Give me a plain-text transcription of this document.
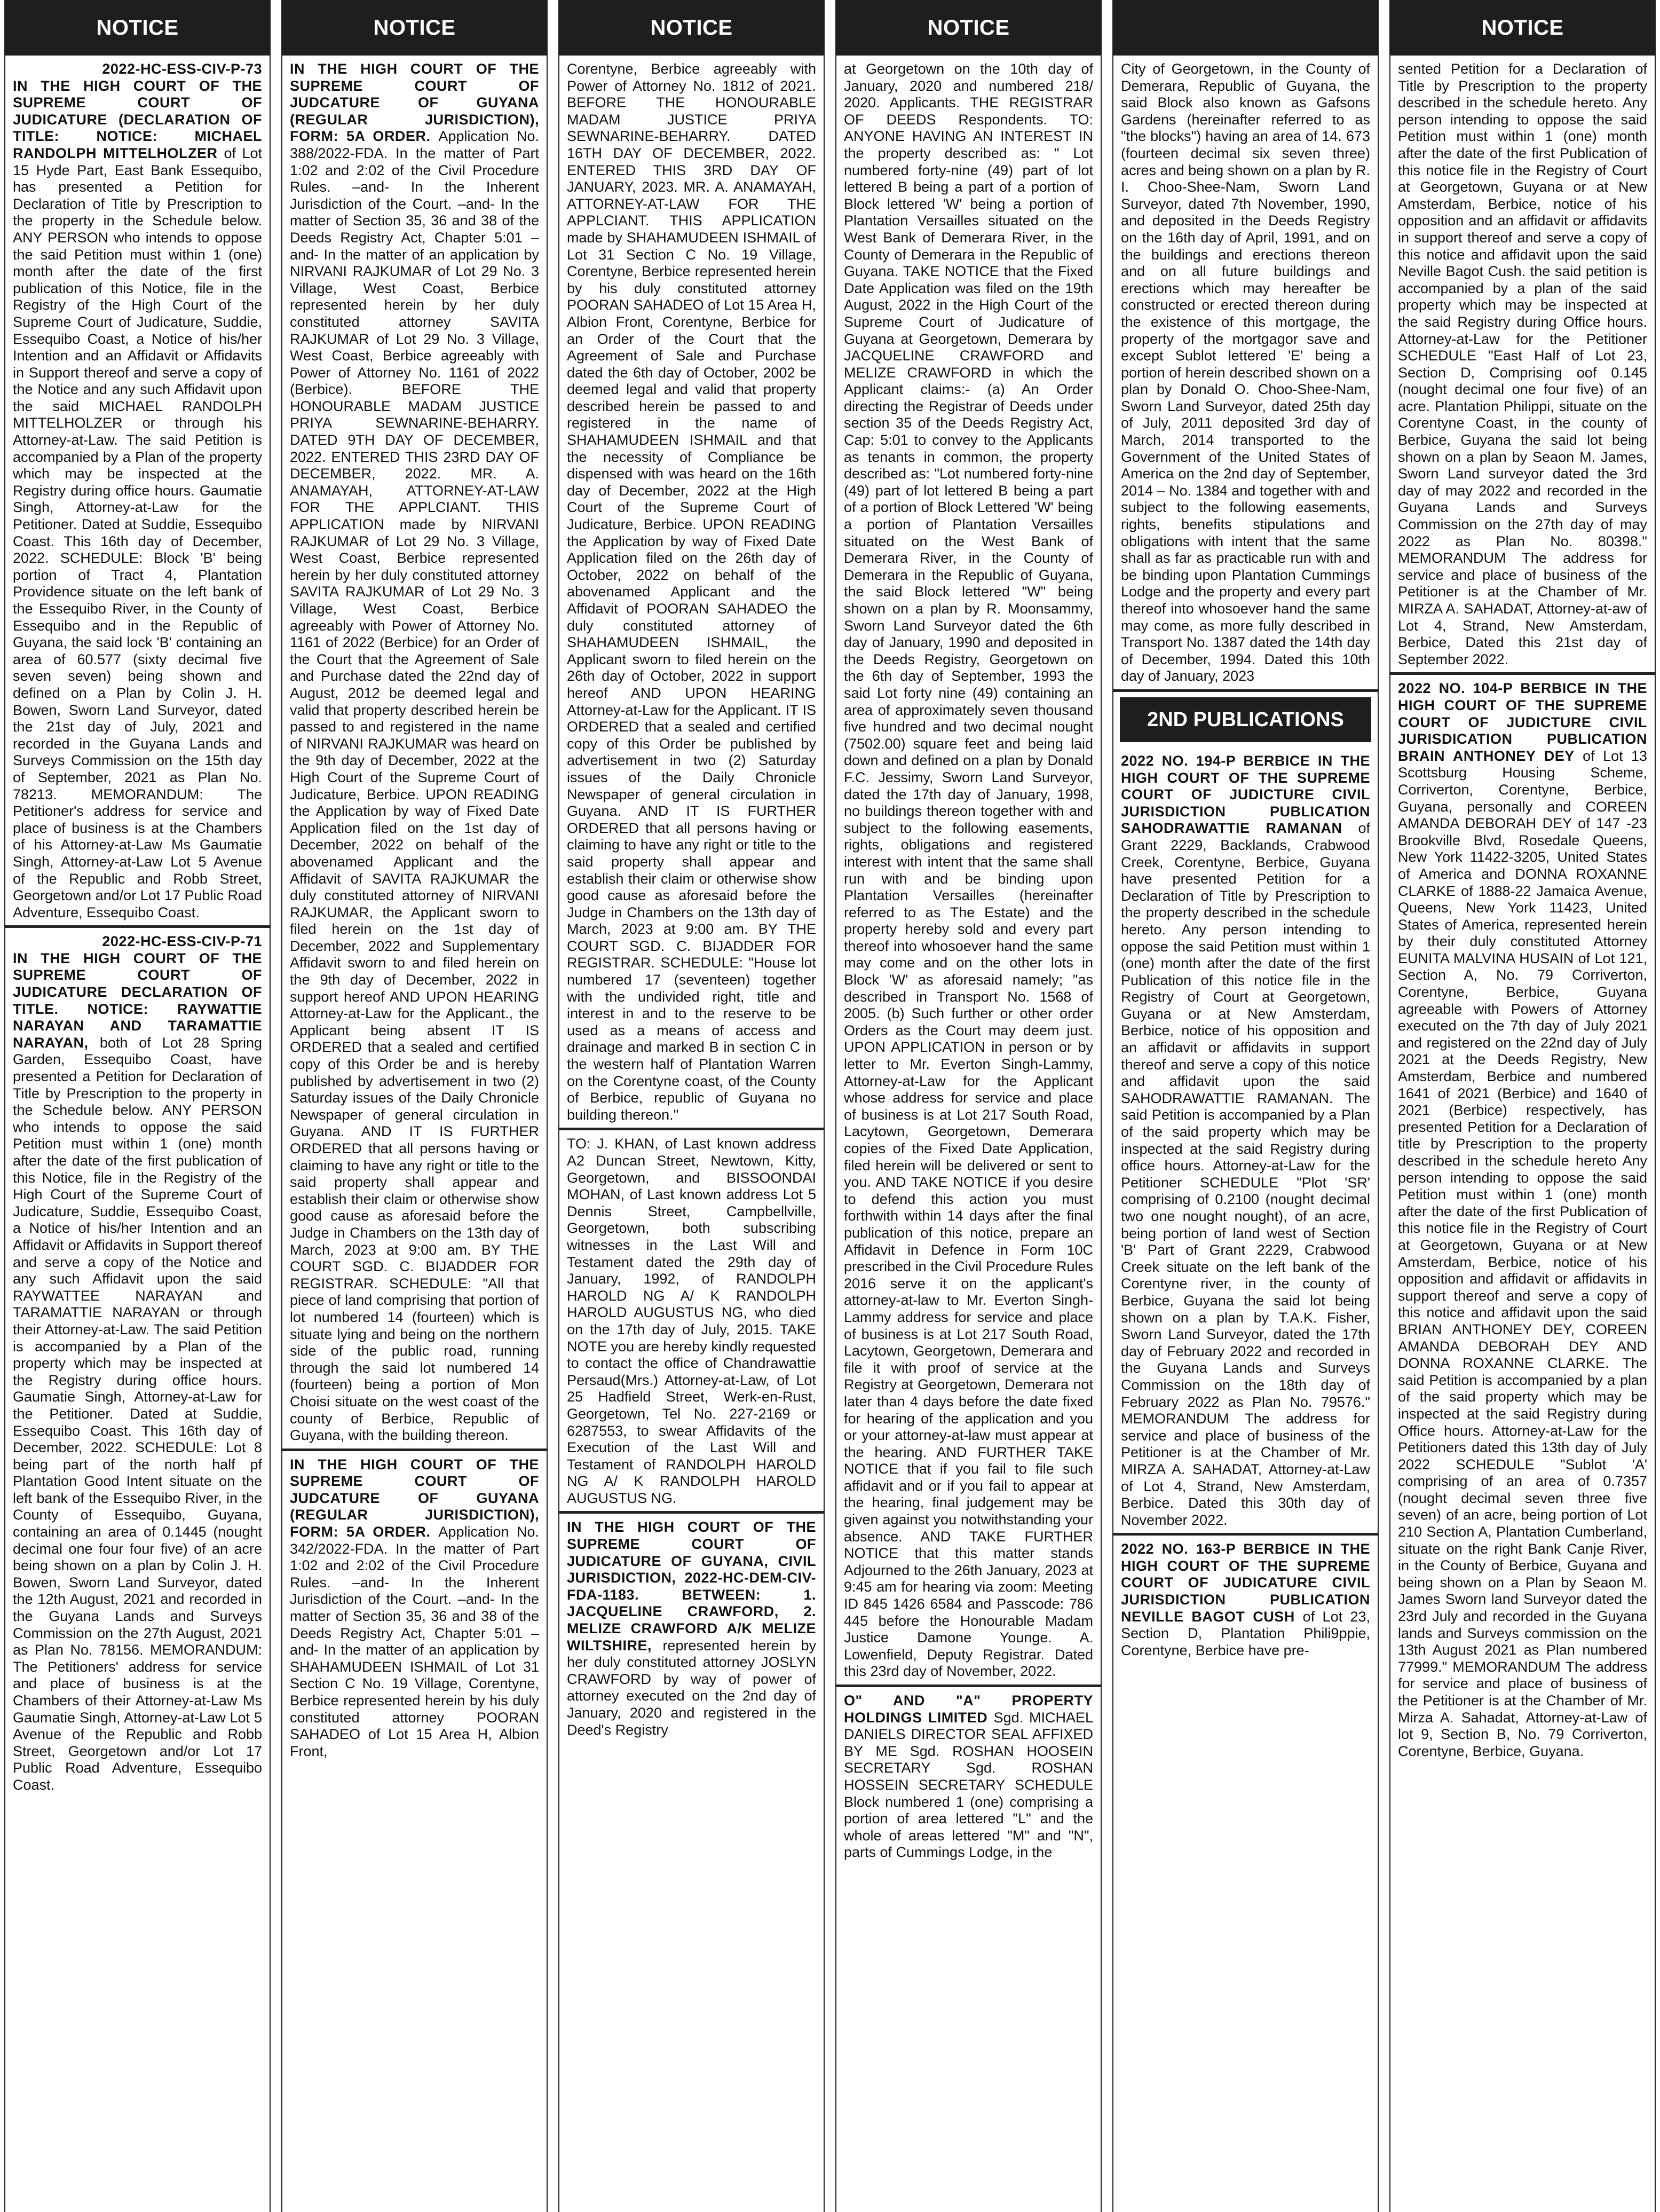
NOTICE
2022-HC-ESS-CIV-P-73
IN THE HIGH COURT OF THE SUPREME COURT OF JUDICATURE (DECLARATION OF TITLE: NOTICE: MICHAEL RANDOLPH MITTELHOLZER of Lot 15 Hyde Part, East Bank Essequibo, has presented a Petition for Declaration of Title by Prescription to the property in the Schedule below. ANY PERSON who intends to oppose the said Petition must within 1 (one) month after the date of the first publication of this Notice, file in the Registry of the High Court of the Supreme Court of Judicature, Suddie, Essequibo Coast, a Notice of his/her Intention and an Affidavit or Affidavits in Support thereof and serve a copy of the Notice and any such Affidavit upon the said MICHAEL RANDOLPH MITTELHOLZER or through his Attorney-at-Law. The said Petition is accompanied by a Plan of the property which may be inspected at the Registry during office hours. Gaumatie Singh, Attorney-at-Law for the Petitioner. Dated at Suddie, Essequibo Coast. This 16th day of December, 2022. SCHEDULE: Block 'B' being portion of Tract 4, Plantation Providence situate on the left bank of the Essequibo River, in the County of Essequibo and in the Republic of Guyana, the said lock 'B' containing an area of 60.577 (sixty decimal five seven seven) being shown and defined on a Plan by Colin J. H. Bowen, Sworn Land Surveyor, dated the 21st day of July, 2021 and recorded in the Guyana Lands and Surveys Commission on the 15th day of September, 2021 as Plan No. 78213. MEMORANDUM: The Petitioner's address for service and place of business is at the Chambers of his Attorney-at-Law Ms Gaumatie Singh, Attorney-at-Law Lot 5 Avenue of the Republic and Robb Street, Georgetown and/or Lot 17 Public Road Adventure, Essequibo Coast.
2022-HC-ESS-CIV-P-71
IN THE HIGH COURT OF THE SUPREME COURT OF JUDICATURE DECLARATION OF TITLE. NOTICE: RAYWATTIE NARAYAN AND TARAMATTIE NARAYAN, both of Lot 28 Spring Garden, Essequibo Coast, have presented a Petition for Declaration of Title by Prescription to the property in the Schedule below. ANY PERSON who intends to oppose the said Petition must within 1 (one) month after the date of the first publication of this Notice, file in the Registry of the High Court of the Supreme Court of Judicature, Suddie, Essequibo Coast, a Notice of his/her Intention and an Affidavit or Affidavits in Support thereof and serve a copy of the Notice and any such Affidavit upon the said RAYWATTEE NARAYAN and TARAMATTIE NARAYAN or through their Attorney-at-Law. The said Petition is accompanied by a Plan of the property which may be inspected at the Registry during office hours. Gaumatie Singh, Attorney-at-Law for the Petitioner. Dated at Suddie, Essequibo Coast. This 16th day of December, 2022. SCHEDULE: Lot 8 being part of the north half pf Plantation Good Intent situate on the left bank of the Essequibo River, in the County of Essequibo, Guyana, containing an area of 0.1445 (nought decimal one four four five) of an acre being shown on a plan by Colin J. H. Bowen, Sworn Land Surveyor, dated the 12th August, 2021 and recorded in the Guyana Lands and Surveys Commission on the 27th August, 2021 as Plan No. 78156. MEMORANDUM: The Petitioners' address for service and place of business is at the Chambers of their Attorney-at-Law Ms Gaumatie Singh, Attorney-at-Law Lot 5 Avenue of the Republic and Robb Street, Georgetown and/or Lot 17 Public Road Adventure, Essequibo Coast.
NOTICE
IN THE HIGH COURT OF THE SUPREME COURT OF JUDCATURE OF GUYANA (REGULAR JURISDICTION), FORM: 5A ORDER. Application No. 388/2022-FDA. In the matter of Part 1:02 and 2:02 of the Civil Procedure Rules. –and- In the Inherent Jurisdiction of the Court. –and- In the matter of Section 35, 36 and 38 of the Deeds Registry Act, Chapter 5:01 –and- In the matter of an application by NIRVANI RAJKUMAR of Lot 29 No. 3 Village, West Coast, Berbice represented herein by her duly constituted attorney SAVITA RAJKUMAR of Lot 29 No. 3 Village, West Coast, Berbice agreeably with Power of Attorney No. 1161 of 2022 (Berbice). BEFORE THE HONOURABLE MADAM JUSTICE PRIYA SEWNARINE-BEHARRY. DATED 9TH DAY OF DECEMBER, 2022. ENTERED THIS 23RD DAY OF DECEMBER, 2022. MR. A. ANAMAYAH, ATTORNEY-AT-LAW FOR THE APPLCIANT. THIS APPLICATION made by NIRVANI RAJKUMAR of Lot 29 No. 3 Village, West Coast, Berbice represented herein by her duly constituted attorney SAVITA RAJKUMAR of Lot 29 No. 3 Village, West Coast, Berbice agreeably with Power of Attorney No. 1161 of 2022 (Berbice) for an Order of the Court that the Agreement of Sale and Purchase dated the 22nd day of August, 2012 be deemed legal and valid that property described herein be passed to and registered in the name of NIRVANI RAJKUMAR was heard on the 9th day of December, 2022 at the High Court of the Supreme Court of Judicature, Berbice. UPON READING the Application by way of Fixed Date Application filed on the 1st day of December, 2022 on behalf of the abovenamed Applicant and the Affidavit of SAVITA RAJKUMAR the duly constituted attorney of NIRVANI RAJKUMAR, the Applicant sworn to filed herein on the 1st day of December, 2022 and Supplementary Affidavit sworn to and filed herein on the 9th day of December, 2022 in support hereof AND UPON HEARING Attorney-at-Law for the Applicant., the Applicant being absent IT IS ORDERED that a sealed and certified copy of this Order be and is hereby published by advertisement in two (2) Saturday issues of the Daily Chronicle Newspaper of general circulation in Guyana. AND IT IS FURTHER ORDERED that all persons having or claiming to have any right or title to the said property shall appear and establish their claim or otherwise show good cause as aforesaid before the Judge in Chambers on the 13th day of March, 2023 at 9:00 am. BY THE COURT SGD. C. BIJADDER FOR REGISTRAR. SCHEDULE: "All that piece of land comprising that portion of lot numbered 14 (fourteen) which is situate lying and being on the northern side of the public road, running through the said lot numbered 14 (fourteen) being a portion of Mon Choisi situate on the west coast of the county of Berbice, Republic of Guyana, with the building thereon.
IN THE HIGH COURT OF THE SUPREME COURT OF JUDCATURE OF GUYANA (REGULAR JURISDICTION), FORM: 5A ORDER. Application No. 342/2022-FDA. In the matter of Part 1:02 and 2:02 of the Civil Procedure Rules. –and- In the Inherent Jurisdiction of the Court. –and- In the matter of Section 35, 36 and 38 of the Deeds Registry Act, Chapter 5:01 –and- In the matter of an application by SHAHAMUDEEN ISHMAIL of Lot 31 Section C No. 19 Village, Corentyne, Berbice represented herein by his duly constituted attorney POORAN SAHADEO of Lot 15 Area H, Albion Front,
NOTICE
Corentyne, Berbice agreeably with Power of Attorney No. 1812 of 2021. BEFORE THE HONOURABLE MADAM JUSTICE PRIYA SEWNARINE-BEHARRY. DATED 16TH DAY OF DECEMBER, 2022. ENTERED THIS 3RD DAY OF JANUARY, 2023. MR. A. ANAMAYAH, ATTORNEY-AT-LAW FOR THE APPLCIANT. THIS APPLICATION made by SHAHAMUDEEN ISHMAIL of Lot 31 Section C No. 19 Village, Corentyne, Berbice represented herein by his duly constituted attorney POORAN SAHADEO of Lot 15 Area H, Albion Front, Corentyne, Berbice for an Order of the Court that the Agreement of Sale and Purchase dated the 6th day of October, 2002 be deemed legal and valid that property described herein be passed to and registered in the name of SHAHAMUDEEN ISHMAIL and that the necessity of Compliance be dispensed with was heard on the 16th day of December, 2022 at the High Court of the Supreme Court of Judicature, Berbice. UPON READING the Application by way of Fixed Date Application filed on the 26th day of October, 2022 on behalf of the abovenamed Applicant and the Affidavit of POORAN SAHADEO the duly constituted attorney of SHAHAMUDEEN ISHMAIL, the Applicant sworn to filed herein on the 26th day of October, 2022 in support hereof AND UPON HEARING Attorney-at-Law for the Applicant. IT IS ORDERED that a sealed and certified copy of this Order be published by advertisement in two (2) Saturday issues of the Daily Chronicle Newspaper of general circulation in Guyana. AND IT IS FURTHER ORDERED that all persons having or claiming to have any right or title to the said property shall appear and establish their claim or otherwise show good cause as aforesaid before the Judge in Chambers on the 13th day of March, 2023 at 9:00 am. BY THE COURT SGD. C. BIJADDER FOR REGISTRAR. SCHEDULE: "House lot numbered 17 (seventeen) together with the undivided right, title and interest in and to the reserve to be used as a means of access and drainage and marked B in section C in the western half of Plantation Warren on the Corentyne coast, of the County of Berbice, republic of Guyana no building thereon."
TO: J. KHAN, of Last known address A2 Duncan Street, Newtown, Kitty, Georgetown, and BISSOONDAI MOHAN, of Last known address Lot 5 Dennis Street, Campbellville, Georgetown, both subscribing witnesses in the Last Will and Testament dated the 29th day of January, 1992, of RANDOLPH HAROLD NG A/ K RANDOLPH HAROLD AUGUSTUS NG, who died on the 17th day of July, 2015. TAKE NOTE you are hereby kindly requested to contact the office of Chandrawattie Persaud(Mrs.) Attorney-at-Law, of Lot 25 Hadfield Street, Werk-en-Rust, Georgetown, Tel No. 227-2169 or 6287553, to swear Affidavits of the Execution of the Last Will and Testament of RANDOLPH HAROLD NG A/ K RANDOLPH HAROLD AUGUSTUS NG.
IN THE HIGH COURT OF THE SUPREME COURT OF JUDICATURE OF GUYANA, CIVIL JURISDICTION, 2022-HC-DEM-CIV-FDA-1183. BETWEEN: 1. JACQUELINE CRAWFORD, 2. MELIZE CRAWFORD A/K MELIZE WILTSHIRE, represented herein by her duly constituted attorney JOSLYN CRAWFORD by way of power of attorney executed on the 2nd day of January, 2020 and registered in the Deed's Registry
NOTICE
at Georgetown on the 10th day of January, 2020 and numbered 218/ 2020. Applicants. THE REGISTRAR OF DEEDS Respondents. TO: ANYONE HAVING AN INTEREST IN the property described as: " Lot numbered forty-nine (49) part of lot lettered B being a part of a portion of Block lettered 'W' being a portion of Plantation Versailles situated on the West Bank of Demerara River, in the County of Demerara in the Republic of Guyana. TAKE NOTICE that the Fixed Date Application was filed on the 19th August, 2022 in the High Court of the Supreme Court of Judicature of Guyana at Georgetown, Demerara by JACQUELINE CRAWFORD and MELIZE CRAWFORD in which the Applicant claims:- (a) An Order directing the Registrar of Deeds under section 35 of the Deeds Registry Act, Cap: 5:01 to convey to the Applicants as tenants in common, the property described as: "Lot numbered forty-nine (49) part of lot lettered B being a part of a portion of Block Lettered 'W' being a portion of Plantation Versailles situated on the West Bank of Demerara River, in the County of Demerara in the Republic of Guyana, the said Block lettered "W" being shown on a plan by R. Moonsammy, Sworn Land Surveyor dated the 6th day of January, 1990 and deposited in the Deeds Registry, Georgetown on the 6th day of September, 1993 the said Lot forty nine (49) containing an area of approximately seven thousand five hundred and two decimal nought (7502.00) square feet and being laid down and defined on a plan by Donald F.C. Jessimy, Sworn Land Surveyor, dated the 17th day of January, 1998, no buildings thereon together with and subject to the following easements, rights, obligations and registered interest with intent that the same shall run with and be binding upon Plantation Versailles (hereinafter referred to as The Estate) and the property hereby sold and every part thereof into whosoever hand the same may come and on the other lots in Block 'W' as aforesaid namely; "as described in Transport No. 1568 of 2005. (b) Such further or other order Orders as the Court may deem just. UPON APPLICATION in person or by letter to Mr. Everton Singh-Lammy, Attorney-at-Law for the Applicant whose address for service and place of business is at Lot 217 South Road, Lacytown, Georgetown, Demerara copies of the Fixed Date Application, filed herein will be delivered or sent to you. AND TAKE NOTICE if you desire to defend this action you must forthwith within 14 days after the final publication of this notice, prepare an Affidavit in Defence in Form 10C prescribed in the Civil Procedure Rules 2016 serve it on the applicant's attorney-at-law to Mr. Everton Singh-Lammy address for service and place of business is at Lot 217 South Road, Lacytown, Georgetown, Demerara and file it with proof of service at the Registry at Georgetown, Demerara not later than 4 days before the date fixed for hearing of the application and you or your attorney-at-law must appear at the hearing. AND FURTHER TAKE NOTICE that if you fail to file such affidavit and or if you fail to appear at the hearing, final judgement may be given against you notwithstanding your absence. AND TAKE FURTHER NOTICE that this matter stands Adjourned to the 26th January, 2023 at 9:45 am for hearing via zoom: Meeting ID 845 1426 6584 and Passcode: 786 445 before the Honourable Madam Justice Damone Younge. A. Lowenfield, Deputy Registrar. Dated this 23rd day of November, 2022.
O" AND "A" PROPERTY HOLDINGS LIMITED Sgd. MICHAEL DANIELS DIRECTOR SEAL AFFIXED BY ME Sgd. ROSHAN HOOSEIN SECRETARY Sgd. ROSHAN HOSSEIN SECRETARY SCHEDULE Block numbered 1 (one) comprising a portion of area lettered "L" and the whole of areas lettered "M" and "N", parts of Cummings Lodge, in the
City of Georgetown, in the County of Demerara, Republic of Guyana, the said Block also known as Gafsons Gardens (hereinafter referred to as "the blocks") having an area of 14. 673 (fourteen decimal six seven three) acres and being shown on a plan by R. I. Choo-Shee-Nam, Sworn Land Surveyor, dated 7th November, 1990, and deposited in the Deeds Registry on the 16th day of April, 1991, and on the buildings and erections thereon and on all future buildings and erections which may hereafter be constructed or erected thereon during the existence of this mortgage, the property of the mortgagor save and except Sublot lettered 'E' being a portion of herein described shown on a plan by Donald O. Choo-Shee-Nam, Sworn Land Surveyor, dated 25th day of July, 2011 deposited 3rd day of March, 2014 transported to the Government of the United States of America on the 2nd day of September, 2014 – No. 1384 and together with and subject to the following easements, rights, benefits stipulations and obligations with intent that the same shall as far as practicable run with and be binding upon Plantation Cummings Lodge and the property and every part thereof into whosoever hand the same may come, as more fully described in Transport No. 1387 dated the 14th day of December, 1994. Dated this 10th day of January, 2023
2ND PUBLICATIONS
2022 NO. 194-P BERBICE IN THE HIGH COURT OF THE SUPREME COURT OF JUDICTURE CIVIL JURISDICTION PUBLICATION SAHODRAWATTIE RAMANAN of Grant 2229, Backlands, Crabwood Creek, Corentyne, Berbice, Guyana have presented Petition for a Declaration of Title by Prescription to the property described in the schedule hereto. Any person intending to oppose the said Petition must within 1 (one) month after the date of the first Publication of this notice file in the Registry of Court at Georgetown, Guyana or at New Amsterdam, Berbice, notice of his opposition and an affidavit or affidavits in support thereof and serve a copy of this notice and affidavit upon the said SAHODRAWATTIE RAMANAN. The said Petition is accompanied by a Plan of the said property which may be inspected at the said Registry during office hours. Attorney-at-Law for the Petitioner SCHEDULE "Plot 'SR' comprising of 0.2100 (nought decimal two one nought nought), of an acre, being portion of land west of Section 'B' Part of Grant 2229, Crabwood Creek situate on the left bank of the Corentyne river, in the county of Berbice, Guyana the said lot being shown on a plan by T.A.K. Fisher, Sworn Land Surveyor, dated the 17th day of February 2022 and recorded in the Guyana Lands and Surveys Commission on the 18th day of February 2022 as Plan No. 79576." MEMORANDUM The address for service and place of business of the Petitioner is at the Chamber of Mr. MIRZA A. SAHADAT, Attorney-at-Law of Lot 4, Strand, New Amsterdam, Berbice. Dated this 30th day of November 2022.
2022 NO. 163-P BERBICE IN THE HIGH COURT OF THE SUPREME COURT OF JUDICATURE CIVIL JURISDICTION PUBLICATION NEVILLE BAGOT CUSH of Lot 23, Section D, Plantation Phili9ppie, Corentyne, Berbice have pre-
NOTICE
sented Petition for a Declaration of Title by Prescription to the property described in the schedule hereto. Any person intending to oppose the said Petition must within 1 (one) month after the date of the first Publication of this notice file in the Registry of Court at Georgetown, Guyana or at New Amsterdam, Berbice, notice of his opposition and an affidavit or affidavits in support thereof and serve a copy of this notice and affidavit upon the said Neville Bagot Cush. the said petition is accompanied by a plan of the said property which may be inspected at the said Registry during Office hours. Attorney-at-Law for the Petitioner SCHEDULE "East Half of Lot 23, Section D, Comprising oof 0.145 (nought decimal one four five) of an acre. Plantation Philippi, situate on the Corentyne Coast, in the county of Berbice, Guyana the said lot being shown on a plan by Seaon M. James, Sworn Land surveyor dated the 3rd day of may 2022 and recorded in the Guyana Lands and Surveys Commission on the 27th day of may 2022 as Plan No. 80398." MEMORANDUM The address for service and place of business of the Petitioner is at the Chamber of Mr. MIRZA A. SAHADAT, Attorney-at-aw of Lot 4, Strand, New Amsterdam, Berbice, Dated this 21st day of September 2022.
2022 NO. 104-P BERBICE IN THE HIGH COURT OF THE SUPREME COURT OF JUDICTURE CIVIL JURISDICATION PUBLICATION BRAIN ANTHONEY DEY of Lot 13 Scottsburg Housing Scheme, Corriverton, Corentyne, Berbice, Guyana, personally and COREEN AMANDA DEBORAH DEY of 147 -23 Brookville Blvd, Rosedale Queens, New York 11422-3205, United States of America and DONNA ROXANNE CLARKE of 1888-22 Jamaica Avenue, Queens, New York 11423, United States of America, represented herein by their duly constituted Attorney EUNITA MALVINA HUSAIN of Lot 121, Section A, No. 79 Corriverton, Corentyne, Berbice, Guyana agreeable with Powers of Attorney executed on the 7th day of July 2021 and registered on the 22nd day of July 2021 at the Deeds Registry, New Amsterdam, Berbice and numbered 1641 of 2021 (Berbice) and 1640 of 2021 (Berbice) respectively, has presented Petition for a Declaration of title by Prescription to the property described in the schedule hereto Any person intending to oppose the said Petition must within 1 (one) month after the date of the first Publication of this notice file in the Registry of Court at Georgetown, Guyana or at New Amsterdam, Berbice, notice of his opposition and affidavit or affidavits in support thereof and serve a copy of this notice and affidavit upon the said BRIAN ANTHONEY DEY, COREEN AMANDA DEBORAH DEY AND DONNA ROXANNE CLARKE. The said Petition is accompanied by a plan of the said property which may be inspected at the said Registry during Office hours. Attorney-at-Law for the Petitioners dated this 13th day of July 2022 SCHEDULE "Sublot 'A' comprising of an area of 0.7357 (nought decimal seven three five seven) of an acre, being portion of Lot 210 Section A, Plantation Cumberland, situate on the right Bank Canje River, in the County of Berbice, Guyana and being shown on a Plan by Seaon M. James Sworn land Surveyor dated the 23rd July and recorded in the Guyana lands and Surveys commission on the 13th August 2021 as Plan numbered 77999." MEMORANDUM The address for service and place of business of the Petitioner is at the Chamber of Mr. Mirza A. Sahadat, Attorney-at-Law of lot 9, Section B, No. 79 Corriverton, Corentyne, Berbice, Guyana.
